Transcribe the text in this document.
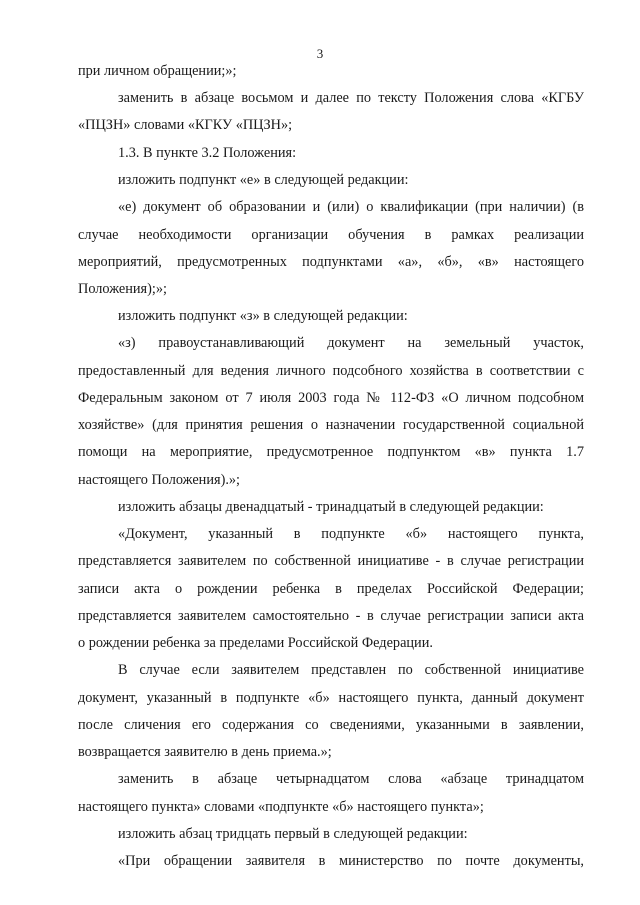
3
при личном обращении;»;
заменить в абзаце восьмом и далее по тексту Положения слова «КГБУ
«ПЦЗН» словами «КГКУ «ПЦЗН»;
1.3. В пункте 3.2 Положения:
изложить подпункт «е» в следующей редакции:
«е) документ об образовании и (или) о квалификации (при наличии) (в
случае необходимости организации обучения в рамках реализации
мероприятий, предусмотренных подпунктами «а», «б», «в» настоящего
Положения);»;
изложить подпункт «з» в следующей редакции:
«з) правоустанавливающий документ на земельный участок,
предоставленный для ведения личного подсобного хозяйства в соответствии с
Федеральным законом от 7 июля 2003 года № 112-ФЗ «О личном подсобном
хозяйстве» (для принятия решения о назначении государственной социальной
помощи на мероприятие, предусмотренное подпунктом «в» пункта 1.7
настоящего Положения).»;
изложить абзацы двенадцатый - тринадцатый в следующей редакции:
«Документ, указанный в подпункте «б» настоящего пункта,
представляется заявителем по собственной инициативе - в случае регистрации
записи акта о рождении ребенка в пределах Российской Федерации;
представляется заявителем самостоятельно - в случае регистрации записи акта
о рождении ребенка за пределами Российской Федерации.
В случае если заявителем представлен по собственной инициативе
документ, указанный в подпункте «б» настоящего пункта, данный документ
после сличения его содержания со сведениями, указанными в заявлении,
возвращается заявителю в день приема.»;
заменить в абзаце четырнадцатом слова «абзаце тринадцатом
настоящего пункта» словами «подпункте «б» настоящего пункта»;
изложить абзац тридцать первый в следующей редакции:
«При обращении заявителя в министерство по почте документы,
